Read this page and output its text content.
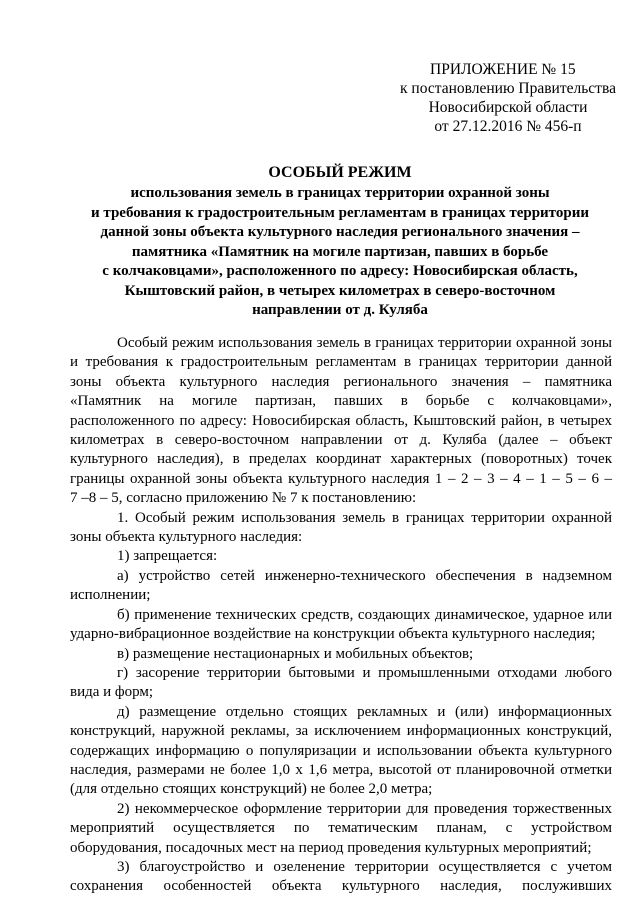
ПРИЛОЖЕНИЕ № 15
к постановлению Правительства
Новосибирской области
от 27.12.2016 № 456-п
ОСОБЫЙ РЕЖИМ
использования земель в границах территории охранной зоны
и требования к градостроительным регламентам в границах территории
данной зоны объекта культурного наследия регионального значения –
памятника «Памятник на могиле партизан, павших в борьбе
с колчаковцами», расположенного по адресу: Новосибирская область,
Кыштовский район, в четырех километрах в северо-восточном
направлении от д. Куляба
Особый режим использования земель в границах территории охранной зоны
и требования к градостроительным регламентам в границах территории данной
зоны объекта культурного наследия регионального значения – памятника
«Памятник на могиле партизан, павших в борьбе с колчаковцами»,
расположенного по адресу: Новосибирская область, Кыштовский район, в четырех
километрах в северо-восточном направлении от д. Куляба (далее – объект
культурного наследия), в пределах координат характерных (поворотных) точек
границы охранной зоны объекта культурного наследия 1 – 2 – 3 – 4 – 1 – 5 – 6 –
7 –8 – 5, согласно приложению № 7 к постановлению:
1. Особый режим использования земель в границах территории охранной
зоны объекта культурного наследия:
1) запрещается:
а) устройство сетей инженерно-технического обеспечения в надземном
исполнении;
б) применение технических средств, создающих динамическое, ударное или
ударно-вибрационное воздействие на конструкции объекта культурного наследия;
в) размещение нестационарных и мобильных объектов;
г) засорение территории бытовыми и промышленными отходами любого
вида и форм;
д) размещение отдельно стоящих рекламных и (или) информационных
конструкций, наружной рекламы, за исключением информационных конструкций,
содержащих информацию о популяризации и использовании объекта культурного
наследия, размерами не более 1,0 х 1,6 метра, высотой от планировочной отметки
(для отдельно стоящих конструкций) не более 2,0 метра;
2) некоммерческое оформление территории для проведения торжественных
мероприятий осуществляется по тематическим планам, с устройством
оборудования, посадочных мест на период проведения культурных мероприятий;
3) благоустройство и озеленение территории осуществляется с учетом
сохранения особенностей объекта культурного наследия, послуживших
